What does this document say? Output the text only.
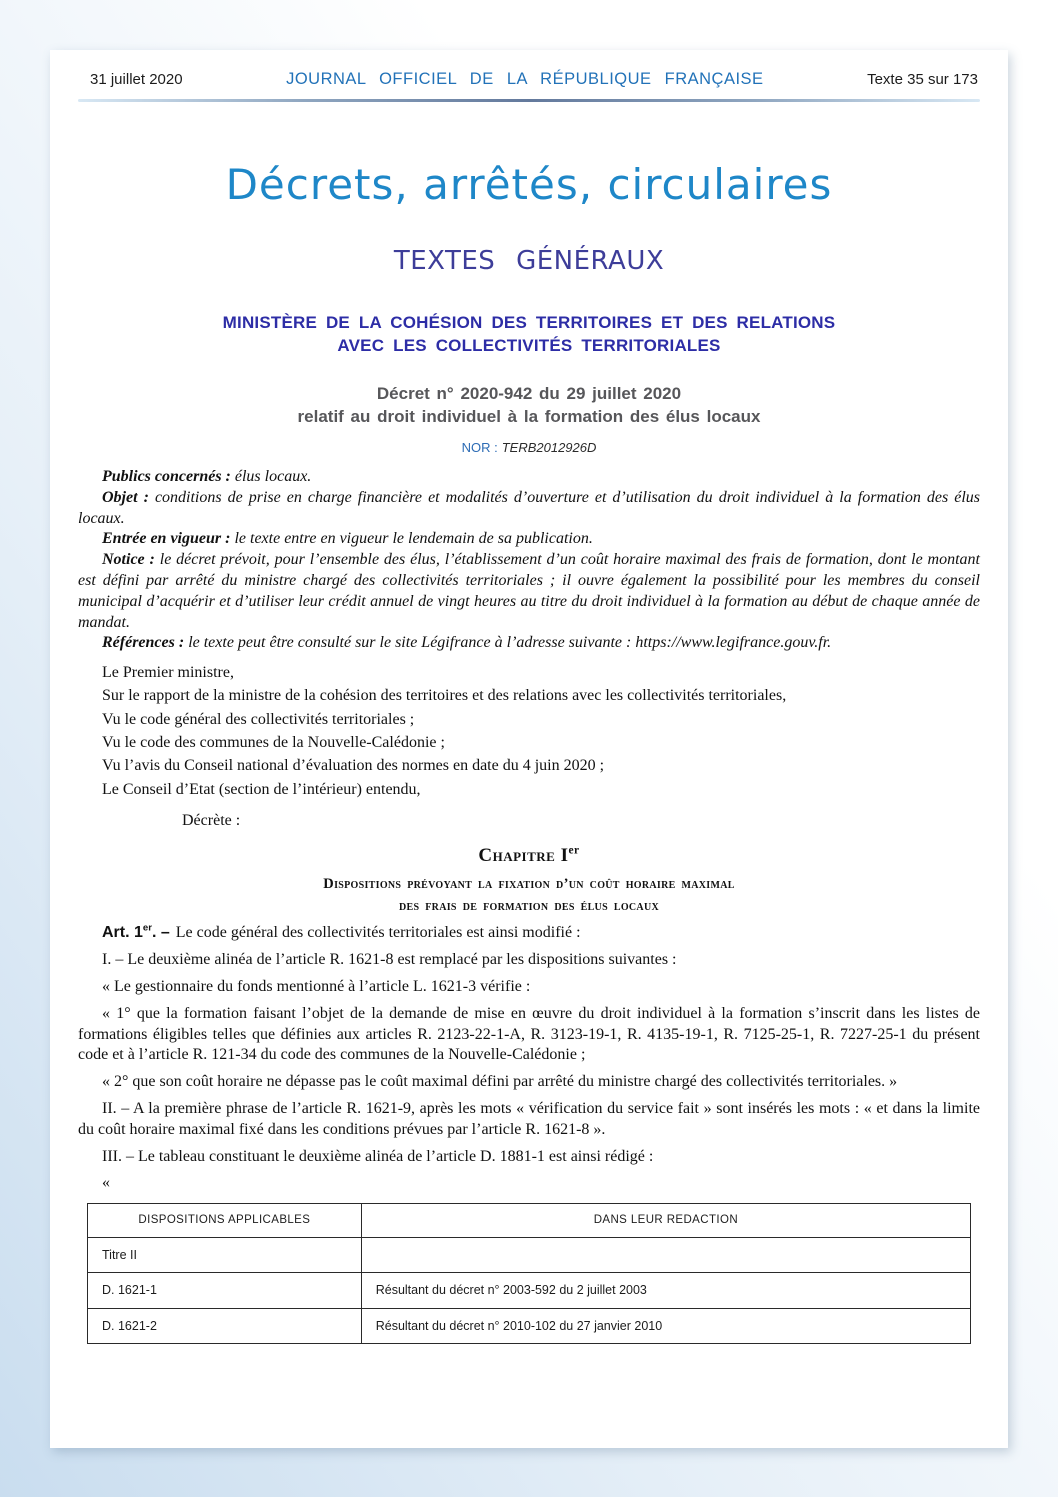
31 juillet 2020	JOURNAL OFFICIEL DE LA RÉPUBLIQUE FRANÇAISE	Texte 35 sur 173
Décrets, arrêtés, circulaires
TEXTES GÉNÉRAUX
MINISTÈRE DE LA COHÉSION DES TERRITOIRES ET DES RELATIONS
AVEC LES COLLECTIVITÉS TERRITORIALES
Décret n° 2020-942 du 29 juillet 2020
relatif au droit individuel à la formation des élus locaux
NOR : TERB2012926D

Publics concernés : élus locaux.

Objet : conditions de prise en charge financière et modalités d’ouverture et d’utilisation du droit individuel à la formation des élus locaux.

Entrée en vigueur : le texte entre en vigueur le lendemain de sa publication.

Notice : le décret prévoit, pour l’ensemble des élus, l’établissement d’un coût horaire maximal des frais de formation, dont le montant est défini par arrêté du ministre chargé des collectivités territoriales ; il ouvre également la possibilité pour les membres du conseil municipal d’acquérir et d’utiliser leur crédit annuel de vingt heures au titre du droit individuel à la formation au début de chaque année de mandat.

Références : le texte peut être consulté sur le site Légifrance à l’adresse suivante : https://www.legifrance.gouv.fr.

Le Premier ministre,

Sur le rapport de la ministre de la cohésion des territoires et des relations avec les collectivités territoriales,

Vu le code général des collectivités territoriales ;

Vu le code des communes de la Nouvelle-Calédonie ;

Vu l’avis du Conseil national d’évaluation des normes en date du 4 juin 2020 ;

Le Conseil d’Etat (section de l’intérieur) entendu,

Décrète :

Chapitre Ier
Dispositions prévoyant la fixation d’un coût horaire maximal
des frais de formation des élus locaux

Art. 1er. – Le code général des collectivités territoriales est ainsi modifié :

I. – Le deuxième alinéa de l’article R. 1621-8 est remplacé par les dispositions suivantes :

« Le gestionnaire du fonds mentionné à l’article L. 1621-3 vérifie :

« 1° que la formation faisant l’objet de la demande de mise en œuvre du droit individuel à la formation s’inscrit dans les listes de formations éligibles telles que définies aux articles R. 2123-22-1-A, R. 3123-19-1, R. 4135-19-1, R. 7125-25-1, R. 7227-25-1 du présent code et à l’article R. 121-34 du code des communes de la Nouvelle-Calédonie ;

« 2° que son coût horaire ne dépasse pas le coût maximal défini par arrêté du ministre chargé des collectivités territoriales. »

II. – A la première phrase de l’article R. 1621-9, après les mots « vérification du service fait » sont insérés les mots : « et dans la limite du coût horaire maximal fixé dans les conditions prévues par l’article R. 1621-8 ».

III. – Le tableau constituant le deuxième alinéa de l’article D. 1881-1 est ainsi rédigé :

«

DISPOSITIONS APPLICABLES	DANS LEUR REDACTION
Titre II	
D. 1621-1	Résultant du décret n° 2003-592 du 2 juillet 2003
D. 1621-2	Résultant du décret n° 2010-102 du 27 janvier 2010
